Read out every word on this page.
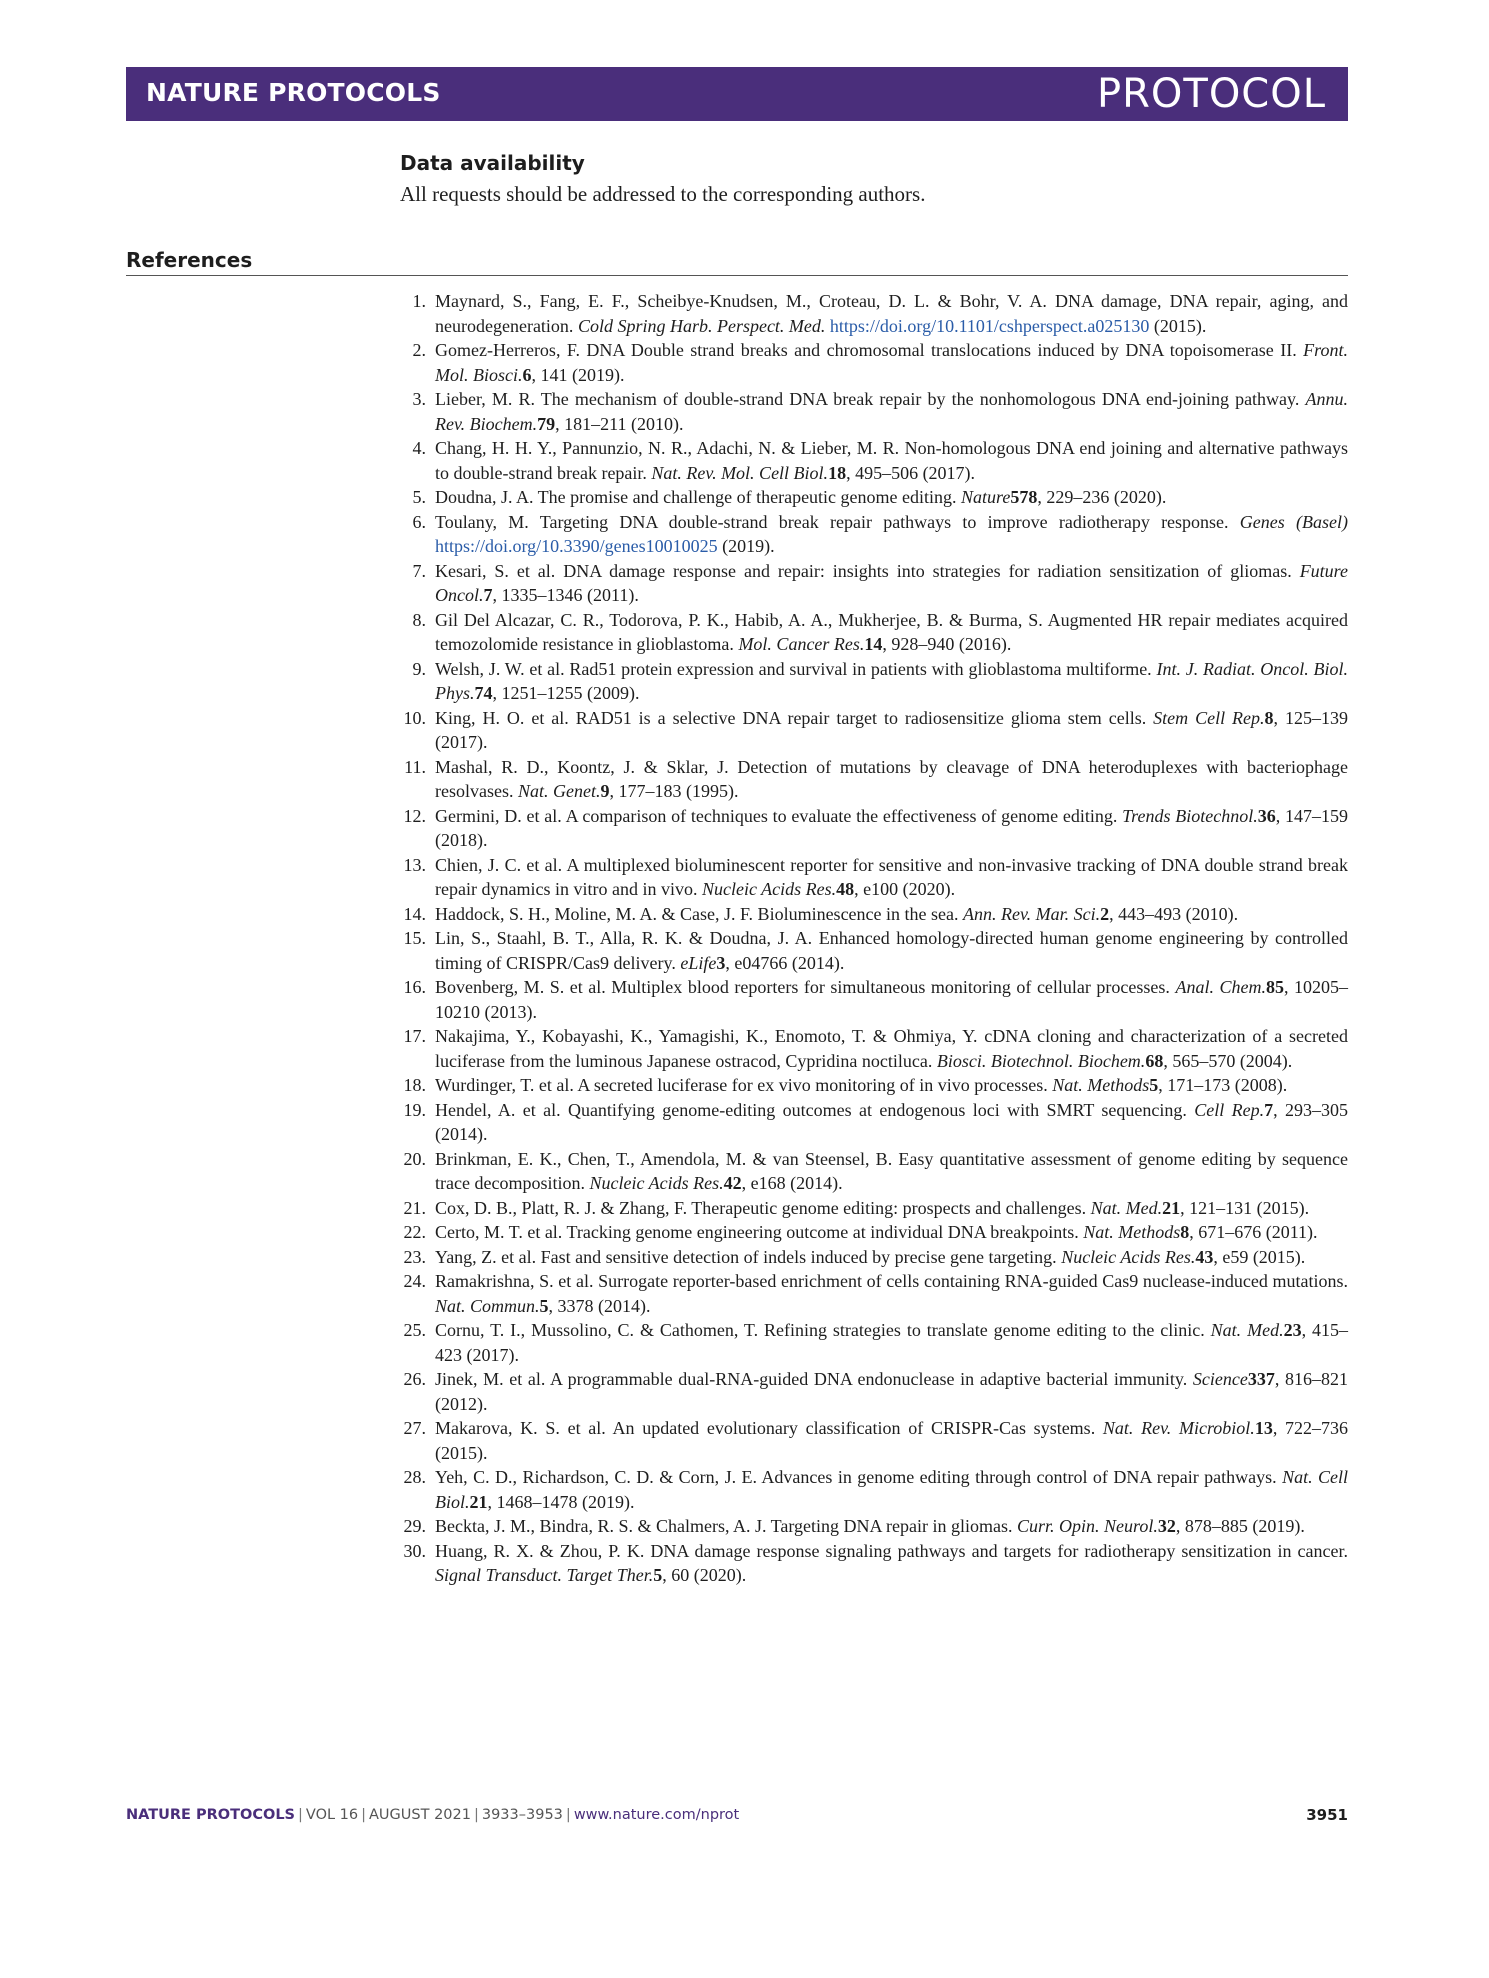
NATURE PROTOCOLS	PROTOCOL
Data availability
All requests should be addressed to the corresponding authors.
References
1. Maynard, S., Fang, E. F., Scheibye-Knudsen, M., Croteau, D. L. & Bohr, V. A. DNA damage, DNA repair, aging, and neurodegeneration. Cold Spring Harb. Perspect. Med. https://doi.org/10.1101/cshperspect.a025130 (2015).
2. Gomez-Herreros, F. DNA Double strand breaks and chromosomal translocations induced by DNA topoisomerase II. Front. Mol. Biosci.6, 141 (2019).
3. Lieber, M. R. The mechanism of double-strand DNA break repair by the nonhomologous DNA end-joining pathway. Annu. Rev. Biochem.79, 181–211 (2010).
4. Chang, H. H. Y., Pannunzio, N. R., Adachi, N. & Lieber, M. R. Non-homologous DNA end joining and alternative pathways to double-strand break repair. Nat. Rev. Mol. Cell Biol.18, 495–506 (2017).
5. Doudna, J. A. The promise and challenge of therapeutic genome editing. Nature578, 229–236 (2020).
6. Toulany, M. Targeting DNA double-strand break repair pathways to improve radiotherapy response. Genes (Basel) https://doi.org/10.3390/genes10010025 (2019).
7. Kesari, S. et al. DNA damage response and repair: insights into strategies for radiation sensitization of gliomas. Future Oncol.7, 1335–1346 (2011).
8. Gil Del Alcazar, C. R., Todorova, P. K., Habib, A. A., Mukherjee, B. & Burma, S. Augmented HR repair mediates acquired temozolomide resistance in glioblastoma. Mol. Cancer Res.14, 928–940 (2016).
9. Welsh, J. W. et al. Rad51 protein expression and survival in patients with glioblastoma multiforme. Int. J. Radiat. Oncol. Biol. Phys.74, 1251–1255 (2009).
10. King, H. O. et al. RAD51 is a selective DNA repair target to radiosensitize glioma stem cells. Stem Cell Rep.8, 125–139 (2017).
11. Mashal, R. D., Koontz, J. & Sklar, J. Detection of mutations by cleavage of DNA heteroduplexes with bacteriophage resolvases. Nat. Genet.9, 177–183 (1995).
12. Germini, D. et al. A comparison of techniques to evaluate the effectiveness of genome editing. Trends Biotechnol.36, 147–159 (2018).
13. Chien, J. C. et al. A multiplexed bioluminescent reporter for sensitive and non-invasive tracking of DNA double strand break repair dynamics in vitro and in vivo. Nucleic Acids Res.48, e100 (2020).
14. Haddock, S. H., Moline, M. A. & Case, J. F. Bioluminescence in the sea. Ann. Rev. Mar. Sci.2, 443–493 (2010).
15. Lin, S., Staahl, B. T., Alla, R. K. & Doudna, J. A. Enhanced homology-directed human genome engineering by controlled timing of CRISPR/Cas9 delivery. eLife3, e04766 (2014).
16. Bovenberg, M. S. et al. Multiplex blood reporters for simultaneous monitoring of cellular processes. Anal. Chem.85, 10205–10210 (2013).
17. Nakajima, Y., Kobayashi, K., Yamagishi, K., Enomoto, T. & Ohmiya, Y. cDNA cloning and characterization of a secreted luciferase from the luminous Japanese ostracod, Cypridina noctiluca. Biosci. Biotechnol. Biochem.68, 565–570 (2004).
18. Wurdinger, T. et al. A secreted luciferase for ex vivo monitoring of in vivo processes. Nat. Methods5, 171–173 (2008).
19. Hendel, A. et al. Quantifying genome-editing outcomes at endogenous loci with SMRT sequencing. Cell Rep.7, 293–305 (2014).
20. Brinkman, E. K., Chen, T., Amendola, M. & van Steensel, B. Easy quantitative assessment of genome editing by sequence trace decomposition. Nucleic Acids Res.42, e168 (2014).
21. Cox, D. B., Platt, R. J. & Zhang, F. Therapeutic genome editing: prospects and challenges. Nat. Med.21, 121–131 (2015).
22. Certo, M. T. et al. Tracking genome engineering outcome at individual DNA breakpoints. Nat. Methods8, 671–676 (2011).
23. Yang, Z. et al. Fast and sensitive detection of indels induced by precise gene targeting. Nucleic Acids Res.43, e59 (2015).
24. Ramakrishna, S. et al. Surrogate reporter-based enrichment of cells containing RNA-guided Cas9 nuclease-induced mutations. Nat. Commun.5, 3378 (2014).
25. Cornu, T. I., Mussolino, C. & Cathomen, T. Refining strategies to translate genome editing to the clinic. Nat. Med.23, 415–423 (2017).
26. Jinek, M. et al. A programmable dual-RNA-guided DNA endonuclease in adaptive bacterial immunity. Science337, 816–821 (2012).
27. Makarova, K. S. et al. An updated evolutionary classification of CRISPR-Cas systems. Nat. Rev. Microbiol.13, 722–736 (2015).
28. Yeh, C. D., Richardson, C. D. & Corn, J. E. Advances in genome editing through control of DNA repair pathways. Nat. Cell Biol.21, 1468–1478 (2019).
29. Beckta, J. M., Bindra, R. S. & Chalmers, A. J. Targeting DNA repair in gliomas. Curr. Opin. Neurol.32, 878–885 (2019).
30. Huang, R. X. & Zhou, P. K. DNA damage response signaling pathways and targets for radiotherapy sensitization in cancer. Signal Transduct. Target Ther.5, 60 (2020).
NATURE PROTOCOLS | VOL 16 | AUGUST 2021 | 3933–3953 | www.nature.com/nprot	3951
